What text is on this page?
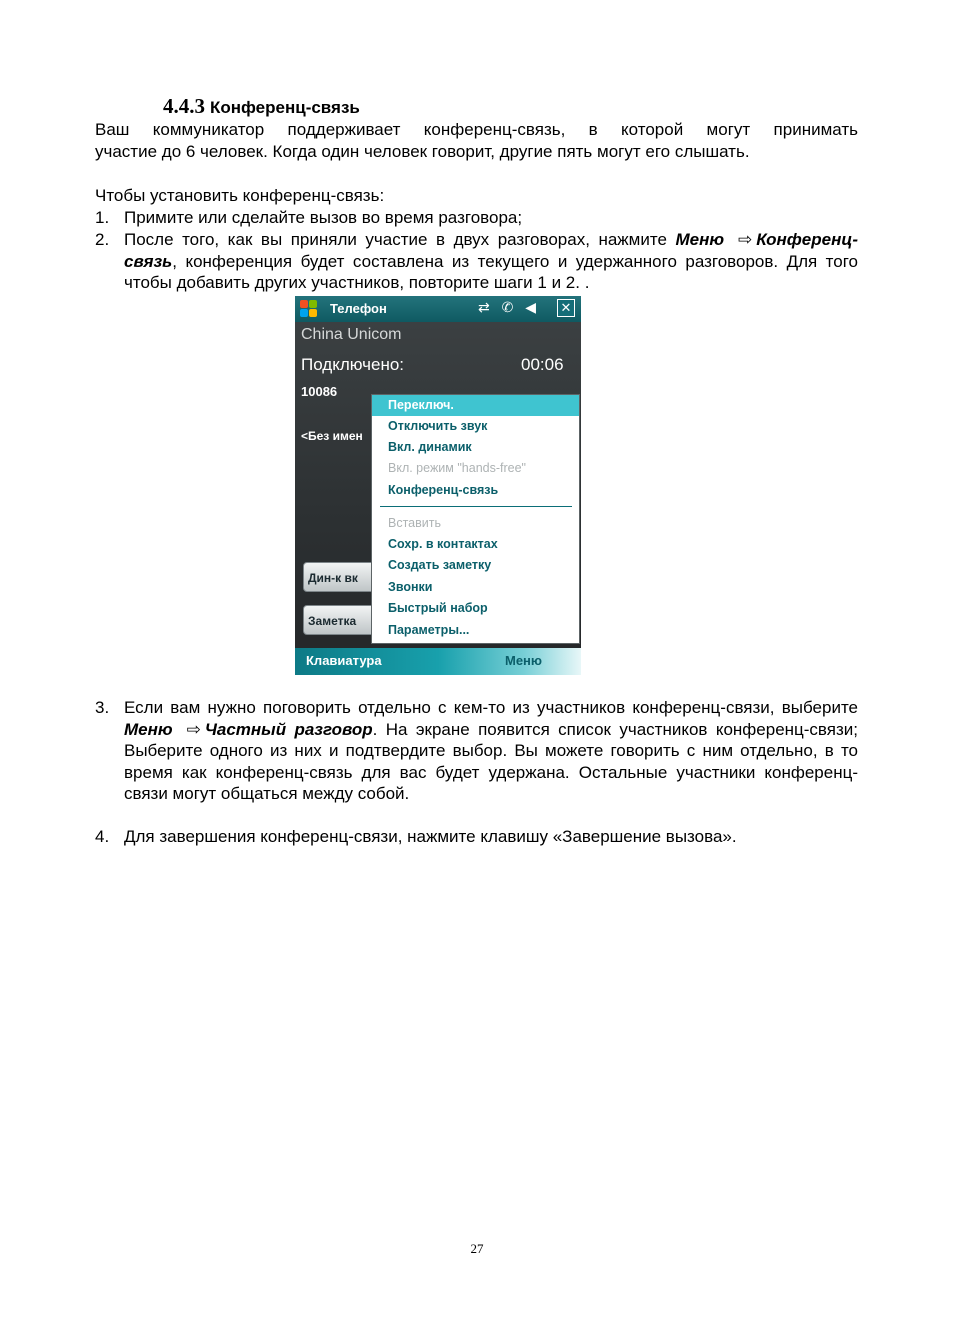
4.4.3 Конференц-связь
Ваш коммуникатор поддерживает конференц-связь, в которой могут принимать
участие до 6 человек. Когда один человек говорит, другие пять могут его слышать.
Чтобы установить конференц-связь:
1. Примите или сделайте вызов во время разговора;
2. После того, как вы приняли участие в двух разговорах, нажмите Меню ⇨ Конференц-связь, конференция будет составлена из текущего и удержанного разговоров. Для того чтобы добавить других участников, повторите шаги 1 и 2. .
Телефон	⇄ ✆ ◀ ✕
China Unicom
Подключено:	00:06
10086
<Без имен
Дин-к вк
Заметка
Переключ.
Отключить звук
Вкл. динамик
Вкл. режим "hands-free"
Конференц-связь
Вставить
Сохр. в контактах
Создать заметку
Звонки
Быстрый набор
Параметры...
Клавиатура	Меню
3. Если вам нужно поговорить отдельно с кем-то из участников конференц-связи, выберите Меню ⇨ Частный разговор. На экране появится список участников конференц-связи; Выберите одного из них и подтвердите выбор. Вы можете говорить с ним отдельно, в то время как конференц-связь для вас будет удержана. Остальные участники конференц-связи могут общаться между собой.
4. Для завершения конференц-связи, нажмите клавишу «Завершение вызова».
27
